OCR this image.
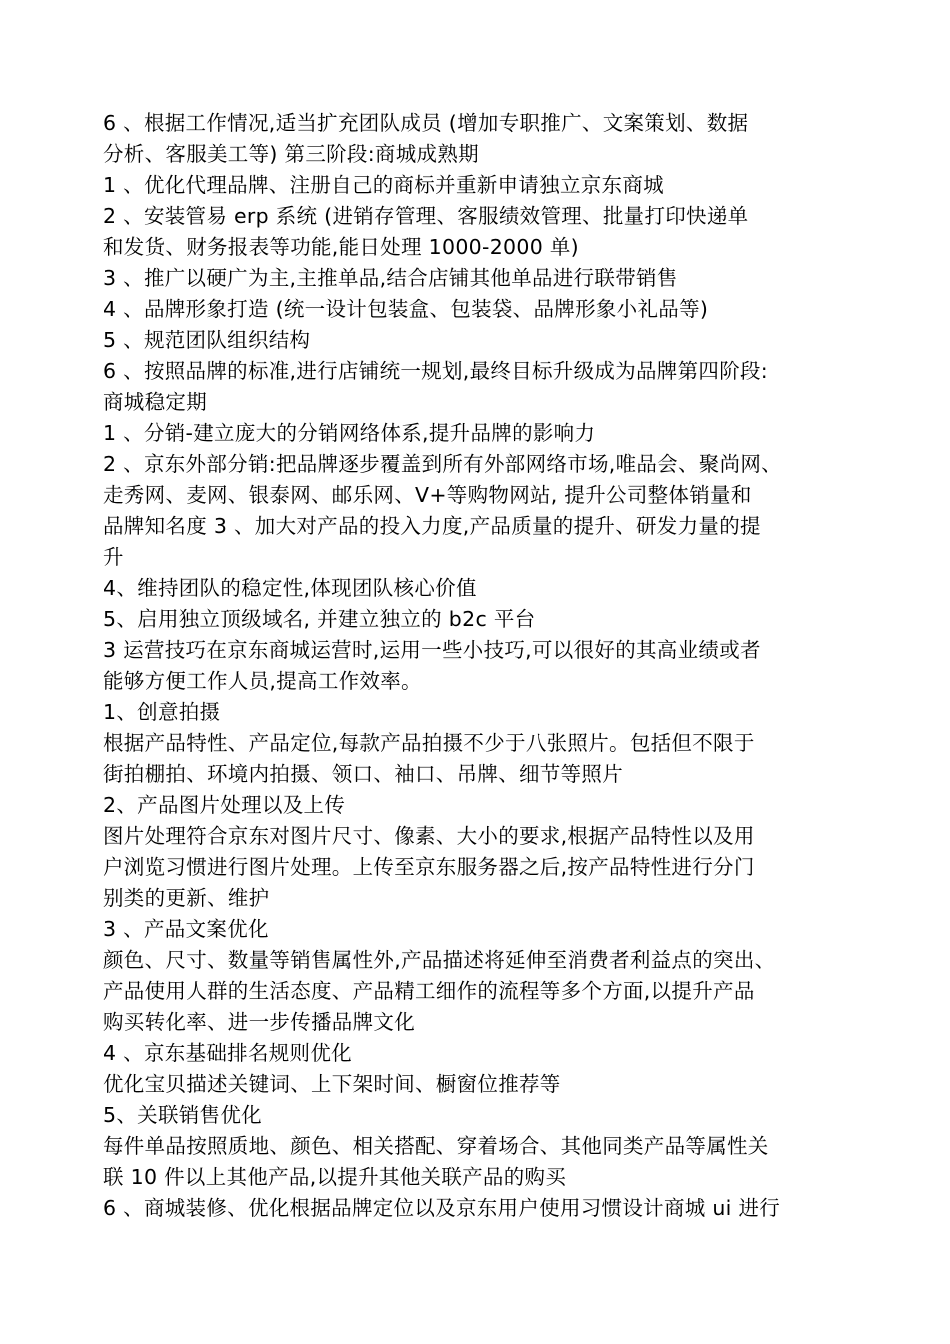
6 、根据工作情况,适当扩充团队成员 (增加专职推广、文案策划、数据
分析、客服美工等) 第三阶段:商城成熟期
1 、优化代理品牌、注册自己的商标并重新申请独立京东商城
2 、安装管易 erp 系统 (进销存管理、客服绩效管理、批量打印快递单
和发货、财务报表等功能,能日处理 1000-2000 单)
3 、推广以硬广为主,主推单品,结合店铺其他单品进行联带销售
4 、品牌形象打造 (统一设计包装盒、包装袋、品牌形象小礼品等)
5 、规范团队组织结构
6 、按照品牌的标准,进行店铺统一规划,最终目标升级成为品牌第四阶段:
商城稳定期
1 、分销-建立庞大的分销网络体系,提升品牌的影响力
2 、京东外部分销:把品牌逐步覆盖到所有外部网络市场,唯品会、聚尚网、
走秀网、麦网、银泰网、邮乐网、V+等购物网站, 提升公司整体销量和
品牌知名度 3 、加大对产品的投入力度,产品质量的提升、研发力量的提
升
4、维持团队的稳定性,体现团队核心价值
5、启用独立顶级域名, 并建立独立的 b2c 平台
3 运营技巧在京东商城运营时,运用一些小技巧,可以很好的其高业绩或者
能够方便工作人员,提高工作效率。
1、创意拍摄
根据产品特性、产品定位,每款产品拍摄不少于八张照片。包括但不限于
街拍棚拍、环境内拍摄、领口、袖口、吊牌、细节等照片
2、产品图片处理以及上传
图片处理符合京东对图片尺寸、像素、大小的要求,根据产品特性以及用
户浏览习惯进行图片处理。上传至京东服务器之后,按产品特性进行分门
别类的更新、维护
3 、产品文案优化
颜色、尺寸、数量等销售属性外,产品描述将延伸至消费者利益点的突出、
产品使用人群的生活态度、产品精工细作的流程等多个方面,以提升产品
购买转化率、进一步传播品牌文化
4 、京东基础排名规则优化
优化宝贝描述关键词、上下架时间、橱窗位推荐等
5、关联销售优化
每件单品按照质地、颜色、相关搭配、穿着场合、其他同类产品等属性关
联 10 件以上其他产品,以提升其他关联产品的购买
6 、商城装修、优化根据品牌定位以及京东用户使用习惯设计商城 ui 进行
